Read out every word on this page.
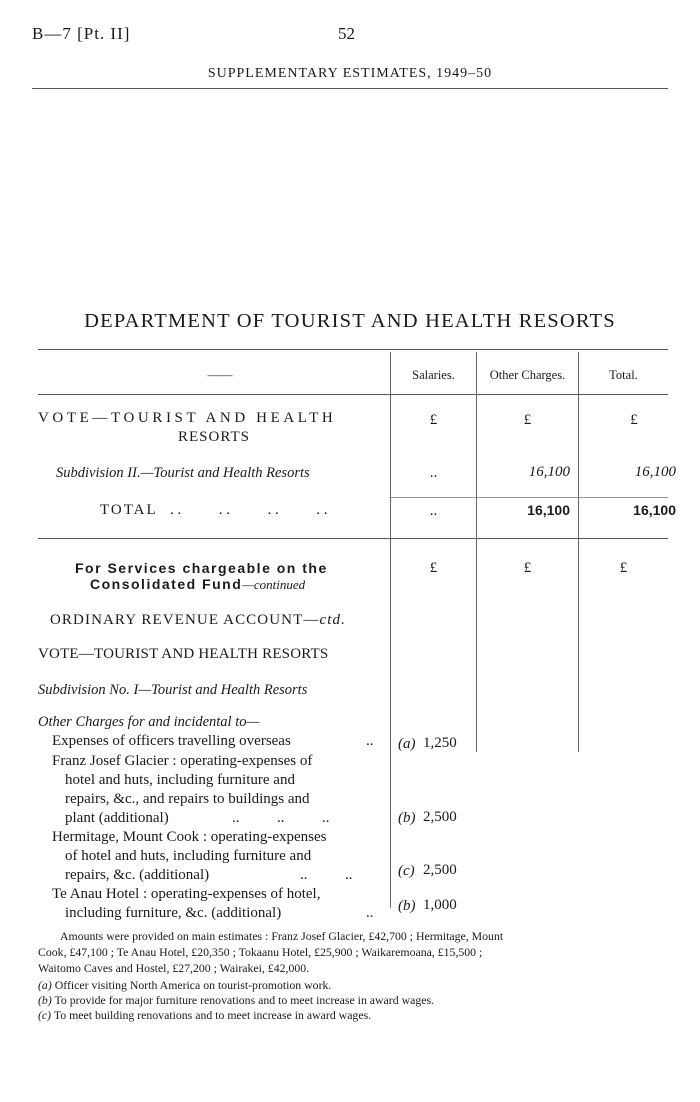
B—7 [Pt. II]	52
SUPPLEMENTARY ESTIMATES, 1949–50
DEPARTMENT OF TOURIST AND HEALTH RESORTS
——	Salaries.	Other Charges.	Total.
VOTE—TOURIST AND HEALTH
RESORTS
£	£	£
Subdivision II.—Tourist and Health Resorts	..	16,100	16,100
TOTAL . .          . .          . .          . .	..	16,100	16,100
For Services chargeable on the
Consolidated Fund—continued
£	£	£
ORDINARY REVENUE ACCOUNT—ctd.
VOTE—TOURIST AND HEALTH RESORTS
Subdivision No. I—Tourist and Health Resorts
Other Charges for and incidental to—
Expenses of officers travelling overseas	.. (a) 1,250
Franz Josef Glacier : operating-expenses of
hotel and huts, including furniture and
repairs, &c., and repairs to buildings and
plant (additional)	..          ..          ..	(b) 2,500
Hermitage, Mount Cook : operating-expenses
of hotel and huts, including furniture and
repairs, &c. (additional)	..          ..	(c) 2,500
Te Anau Hotel : operating-expenses of hotel,
including furniture, &c. (additional)	.. (b) 1,000
Amounts were provided on main estimates : Franz Josef Glacier, £42,700 ; Hermitage, Mount
Cook, £47,100 ; Te Anau Hotel, £20,350 ; Tokaanu Hotel, £25,900 ; Waikaremoana, £15,500 ;
Waitomo Caves and Hostel, £27,200 ; Wairakei, £42,000.
(a) Officer visiting North America on tourist-promotion work.
(b) To provide for major furniture renovations and to meet increase in award wages.
(c) To meet building renovations and to meet increase in award wages.
